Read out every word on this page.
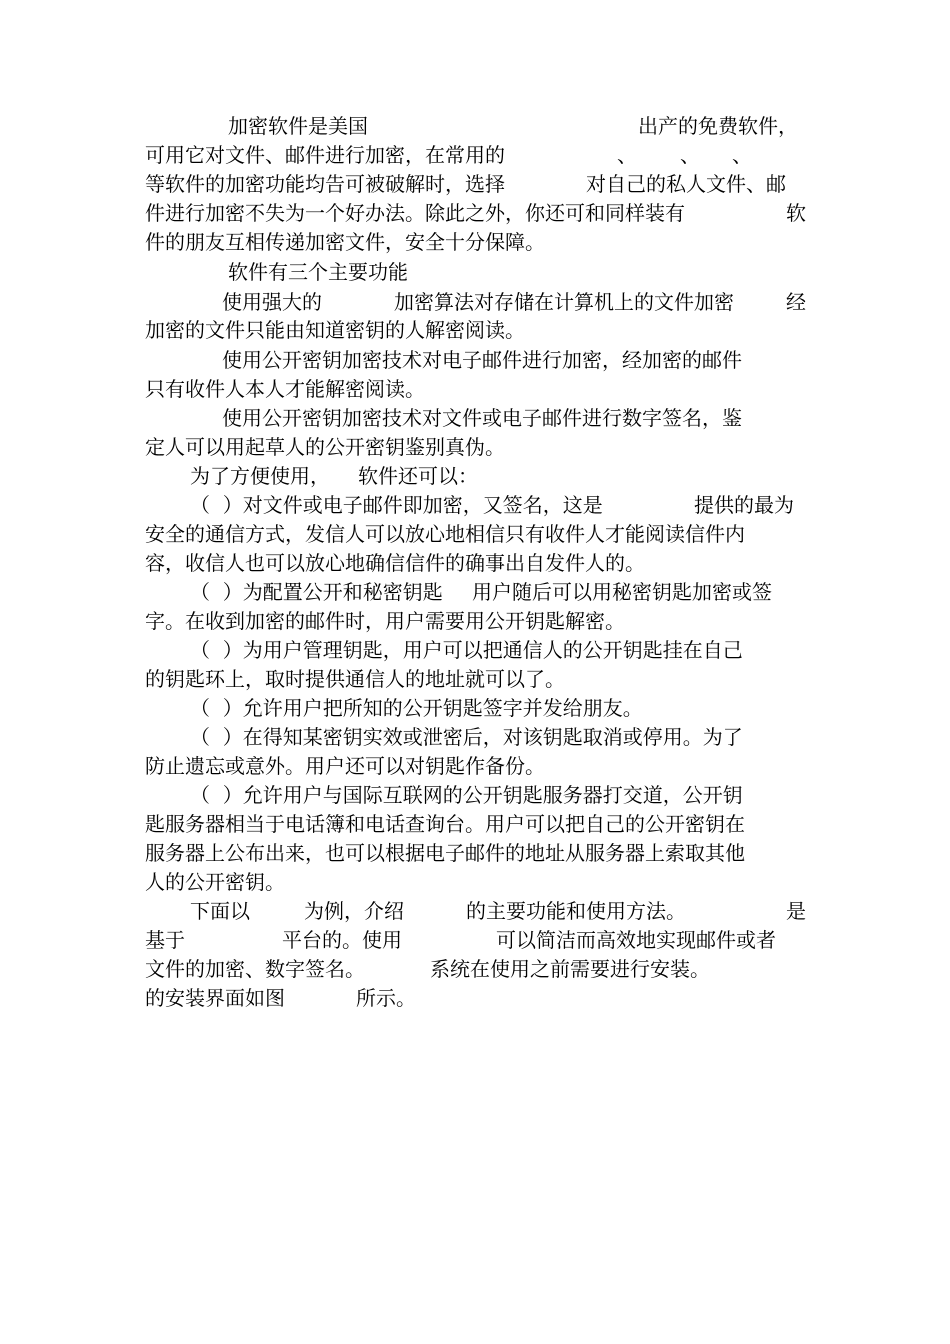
加密软件是美国

	出产的免费软件，

可用它对文件、邮件进行加密，在常用的

	、

、

、

等软件的加密功能均告可被破解时，选择

	对自己的私人文件、邮

件进行加密不失为一个好办法。除此之外，你还可和同样装有

	软

件的朋友互相传递加密文件，安全十分保障。

软件有三个主要功能

使用强大的

	加密算法对存储在计算机上的文件加密

	经

加密的文件只能由知道密钥的人解密阅读。

使用公开密钥加密技术对电子邮件进行加密，经加密的邮件

只有收件人本人才能解密阅读。

使用公开密钥加密技术对文件或电子邮件进行数字签名，鉴

定人可以用起草人的公开密钥鉴别真伪。

为了方便使用，

软件还可以：

（  ）对文件或电子邮件即加密，又签名，这是

	提供的最为

安全的通信方式，发信人可以放心地相信只有收件人才能阅读信件内

容，收信人也可以放心地确信信件的确事出自发件人的。

（  ）为配置公开和秘密钥匙

用户随后可以用秘密钥匙加密或签

字。在收到加密的邮件时，用户需要用公开钥匙解密。

（  ）为用户管理钥匙，用户可以把通信人的公开钥匙挂在自己

的钥匙环上，取时提供通信人的地址就可以了。

（  ）允许用户把所知的公开钥匙签字并发给朋友。

（  ）在得知某密钥实效或泄密后，对该钥匙取消或停用。为了

防止遗忘或意外。用户还可以对钥匙作备份。

（  ）允许用户与国际互联网的公开钥匙服务器打交道，公开钥

匙服务器相当于电话簿和电话查询台。用户可以把自己的公开密钥在

服务器上公布出来，也可以根据电子邮件的地址从服务器上索取其他

人的公开密钥。

下面以

	为例，介绍

	的主要功能和使用方法。

	是

基于

	平台的。使用

	可以简洁而高效地实现邮件或者

文件的加密、数字签名。

	系统在使用之前需要进行安装。

的安装界面如图

	所示。
